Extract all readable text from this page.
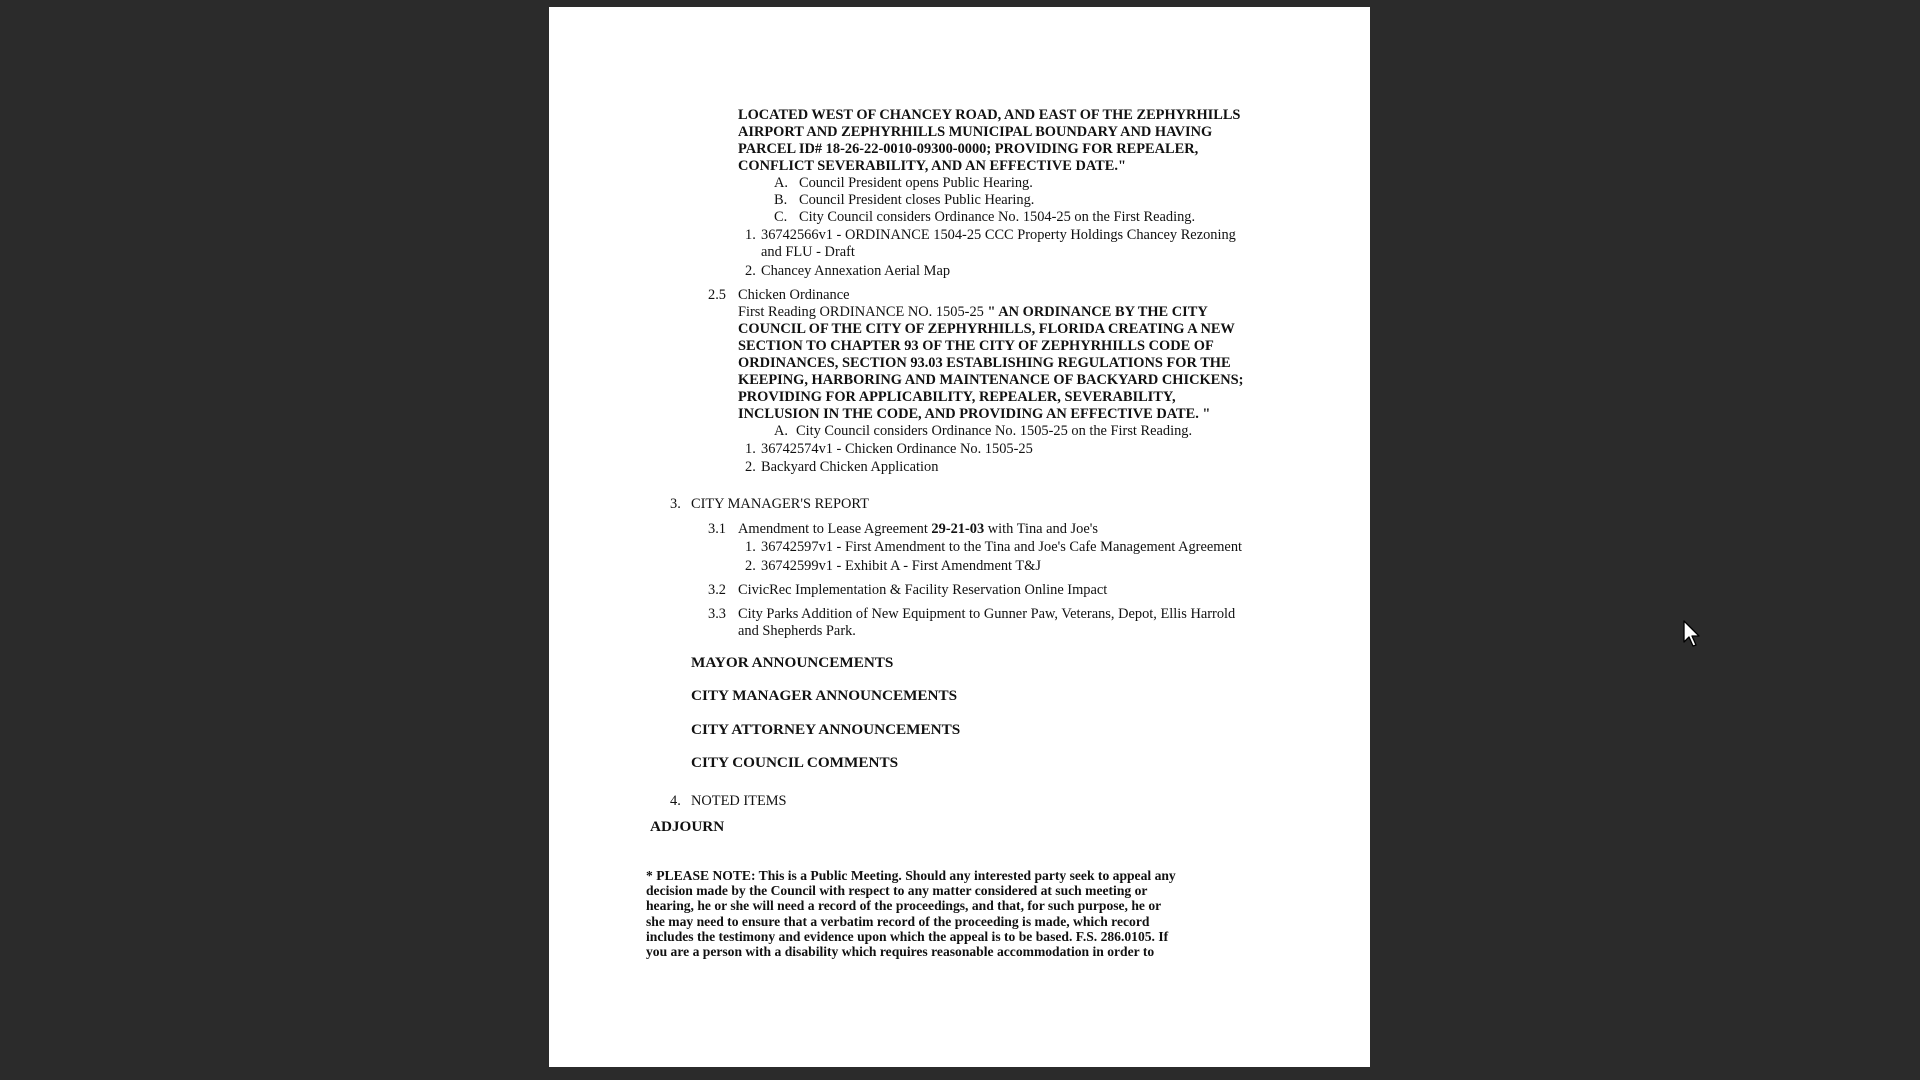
LOCATED WEST OF CHANCEY ROAD, AND EAST OF THE ZEPHYRHILLS
AIRPORT AND ZEPHYRHILLS MUNICIPAL BOUNDARY AND HAVING
PARCEL ID# 18-26-22-0010-09300-0000; PROVIDING FOR REPEALER,
CONFLICT SEVERABILITY, AND AN EFFECTIVE DATE."
A. Council President opens Public Hearing.
B. Council President closes Public Hearing.
C. City Council considers Ordinance No. 1504-25 on the First Reading.
1. 36742566v1 - ORDINANCE 1504-25 CCC Property Holdings Chancey Rezoning
and FLU - Draft
2. Chancey Annexation Aerial Map
2.5 Chicken Ordinance
First Reading ORDINANCE NO. 1505-25 " AN ORDINANCE BY THE CITY
COUNCIL OF THE CITY OF ZEPHYRHILLS, FLORIDA CREATING A NEW
SECTION TO CHAPTER 93 OF THE CITY OF ZEPHYRHILLS CODE OF
ORDINANCES, SECTION 93.03 ESTABLISHING REGULATIONS FOR THE
KEEPING, HARBORING AND MAINTENANCE OF BACKYARD CHICKENS;
PROVIDING FOR APPLICABILITY, REPEALER, SEVERABILITY,
INCLUSION IN THE CODE, AND PROVIDING AN EFFECTIVE DATE. "
A. City Council considers Ordinance No. 1505-25 on the First Reading.
1. 36742574v1 - Chicken Ordinance No. 1505-25
2. Backyard Chicken Application
3. CITY MANAGER'S REPORT
3.1 Amendment to Lease Agreement 29-21-03 with Tina and Joe's
1. 36742597v1 - First Amendment to the Tina and Joe's Cafe Management Agreement
2. 36742599v1 - Exhibit A - First Amendment T&J
3.2 CivicRec Implementation & Facility Reservation Online Impact
3.3 City Parks Addition of New Equipment to Gunner Paw, Veterans, Depot, Ellis Harrold
and Shepherds Park.
MAYOR ANNOUNCEMENTS
CITY MANAGER ANNOUNCEMENTS
CITY ATTORNEY ANNOUNCEMENTS
CITY COUNCIL COMMENTS
4. NOTED ITEMS
ADJOURN
* PLEASE NOTE: This is a Public Meeting. Should any interested party seek to appeal any
decision made by the Council with respect to any matter considered at such meeting or
hearing, he or she will need a record of the proceedings, and that, for such purpose, he or
she may need to ensure that a verbatim record of the proceeding is made, which record
includes the testimony and evidence upon which the appeal is to be based. F.S. 286.0105. If
you are a person with a disability which requires reasonable accommodation in order to
